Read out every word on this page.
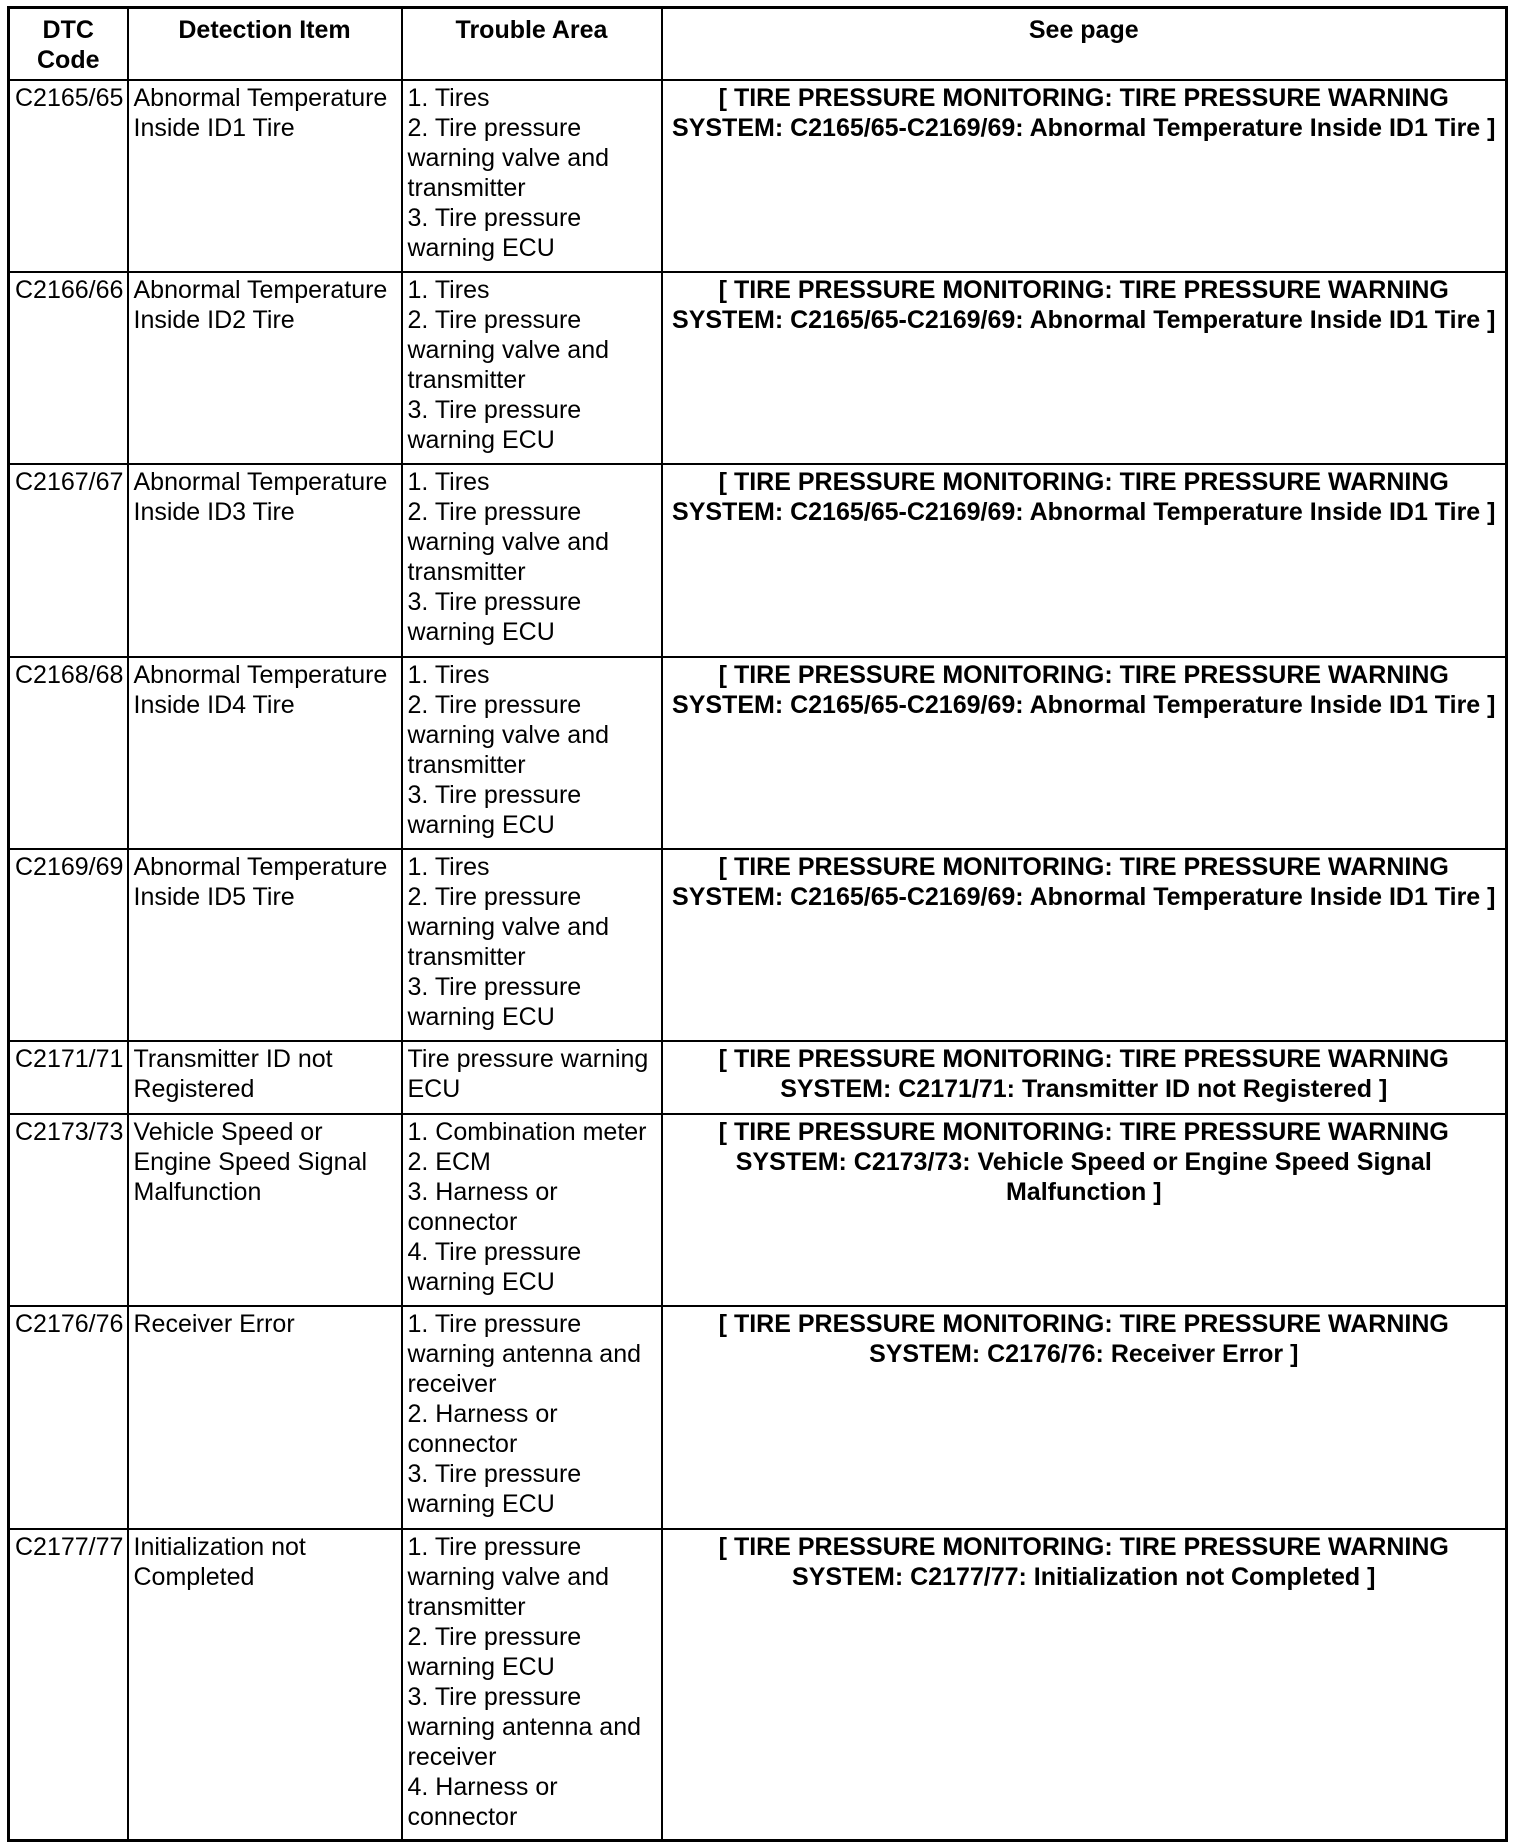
DTC Code	Detection Item	Trouble Area	See page
C2165/65	Abnormal Temperature Inside ID1 Tire	1. Tires
2. Tire pressure warning valve and transmitter
3. Tire pressure warning ECU	[ TIRE PRESSURE MONITORING: TIRE PRESSURE WARNING SYSTEM: C2165/65-C2169/69: Abnormal Temperature Inside ID1 Tire ]
C2166/66	Abnormal Temperature Inside ID2 Tire	1. Tires
2. Tire pressure warning valve and transmitter
3. Tire pressure warning ECU	[ TIRE PRESSURE MONITORING: TIRE PRESSURE WARNING SYSTEM: C2165/65-C2169/69: Abnormal Temperature Inside ID1 Tire ]
C2167/67	Abnormal Temperature Inside ID3 Tire	1. Tires
2. Tire pressure warning valve and transmitter
3. Tire pressure warning ECU	[ TIRE PRESSURE MONITORING: TIRE PRESSURE WARNING SYSTEM: C2165/65-C2169/69: Abnormal Temperature Inside ID1 Tire ]
C2168/68	Abnormal Temperature Inside ID4 Tire	1. Tires
2. Tire pressure warning valve and transmitter
3. Tire pressure warning ECU	[ TIRE PRESSURE MONITORING: TIRE PRESSURE WARNING SYSTEM: C2165/65-C2169/69: Abnormal Temperature Inside ID1 Tire ]
C2169/69	Abnormal Temperature Inside ID5 Tire	1. Tires
2. Tire pressure warning valve and transmitter
3. Tire pressure warning ECU	[ TIRE PRESSURE MONITORING: TIRE PRESSURE WARNING SYSTEM: C2165/65-C2169/69: Abnormal Temperature Inside ID1 Tire ]
C2171/71	Transmitter ID not Registered	Tire pressure warning ECU	[ TIRE PRESSURE MONITORING: TIRE PRESSURE WARNING SYSTEM: C2171/71: Transmitter ID not Registered ]
C2173/73	Vehicle Speed or Engine Speed Signal Malfunction	1. Combination meter
2. ECM
3. Harness or connector
4. Tire pressure warning ECU	[ TIRE PRESSURE MONITORING: TIRE PRESSURE WARNING SYSTEM: C2173/73: Vehicle Speed or Engine Speed Signal Malfunction ]
C2176/76	Receiver Error	1. Tire pressure warning antenna and receiver
2. Harness or connector
3. Tire pressure warning ECU	[ TIRE PRESSURE MONITORING: TIRE PRESSURE WARNING SYSTEM: C2176/76: Receiver Error ]
C2177/77	Initialization not Completed	1. Tire pressure warning valve and transmitter
2. Tire pressure warning ECU
3. Tire pressure warning antenna and receiver
4. Harness or connector	[ TIRE PRESSURE MONITORING: TIRE PRESSURE WARNING SYSTEM: C2177/77: Initialization not Completed ]
